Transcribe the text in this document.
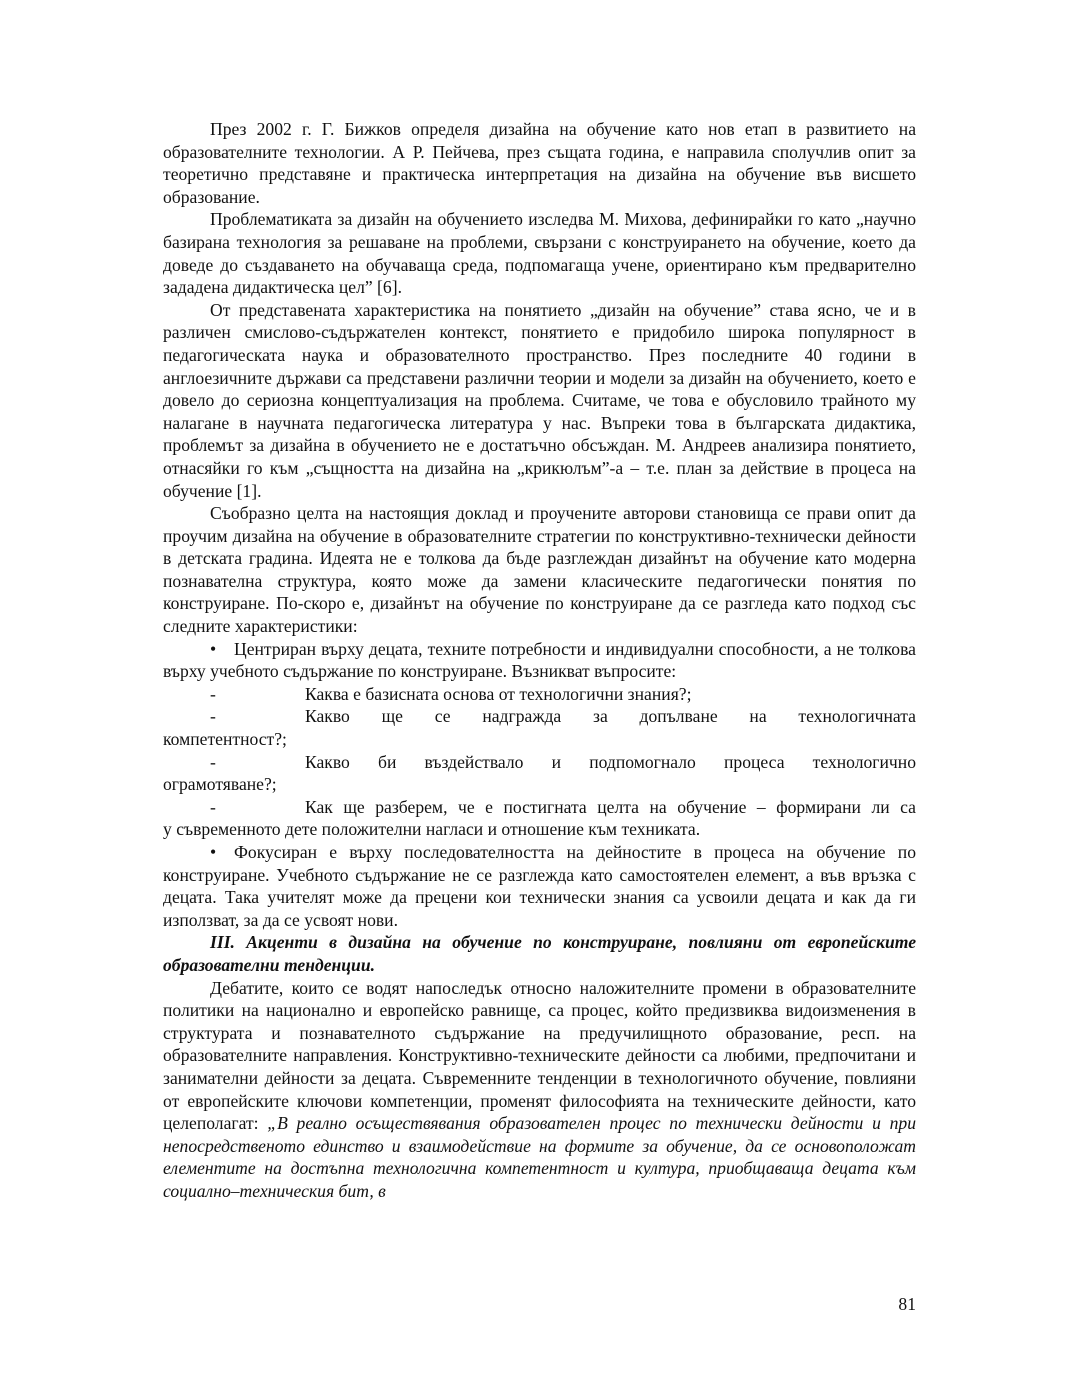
През 2002 г. Г. Бижков определя дизайна на обучение като нов етап в развитието на образователните технологии. А Р. Пейчева, през същата година, е направила сполучлив опит за теоретично представяне и практическа интерпретация на дизайна на обучение във висшето образование.

Проблематиката за дизайн на обучението изследва М. Михова, дефинирайки го като „научно базирана технология за решаване на проблеми, свързани с конструирането на обучение, което да доведе до създаването на обучаваща среда, подпомагаща учене, ориентирано към предварително зададена дидактическа цел” [6].

От представената характеристика на понятието „дизайн на обучение” става ясно, че и в различен смислово-съдържателен контекст, понятието е придобило широка популярност в педагогическата наука и образователното пространство. През последните 40 години в англоезичните държави са представени различни теории и модели за дизайн на обучението, което е довело до сериозна концептуализация на проблема. Считаме, че това е обусловило трайното му налагане в научната педагогическа литература у нас. Въпреки това в българската дидактика, проблемът за дизайна в обучението не е достатъчно обсъждан. М. Андреев анализира понятието, отнасяйки го към „същността на дизайна на „крикюлъм”-а – т.е. план за действие в процеса на обучение [1].

Съобразно целта на настоящия доклад и проучените авторови становища се прави опит да проучим дизайна на обучение в образователните стратегии по конструктивно-технически дейности в детската градина. Идеята не е толкова да бъде разглеждан дизайнът на обучение като модерна познавателна структура, която може да замени класическите педагогически понятия по конструиране. По-скоро е, дизайнът на обучение по конструиране да се разгледа като подход със следните характеристики:

• Центриран върху децата, техните потребности и индивидуални способности, а не толкова върху учебното съдържание по конструиране. Възникват въпросите:

-	Каква е базисната основа от технологични знания?;
-	Какво ще се надгражда за допълване на технологичната

компетентност?;

-	Какво би въздействало и подпомогнало процеса технологично

ограмотяване?;

-	Как ще разберем, че е постигната целта на обучение – формирани ли са

у съвременното дете положителни нагласи и отношение към техниката.

• Фокусиран е върху последователността на дейностите в процеса на обучение по конструиране. Учебното съдържание не се разглежда като самостоятелен елемент, а във връзка с децата. Така учителят може да прецени кои технически знания са усвоили децата и как да ги използват, за да се усвоят нови.

III. Акценти в дизайна на обучение по конструиране, повлияни от европейските образователни тенденции.

Дебатите, които се водят напоследък относно наложителните промени в образователните политики на национално и европейско равнище, са процес, който предизвиква видоизменения в структурата и познавателното съдържание на предучилищното образование, респ. на образователните направления. Конструктивно-техническите дейности са любими, предпочитани и занимателни дейности за децата. Съвременните тенденции в технологичното обучение, повлияни от европейските ключови компетенции, променят философията на техническите дейности, като целеполагат: „В реално осъществявания образователен процес по технически дейности и при непосредственото единство и взаимодействие на формите за обучение, да се основоположат елементите на достъпна технологична компетентност и култура, приобщаваща децата към социално–техническия бит, в

81
